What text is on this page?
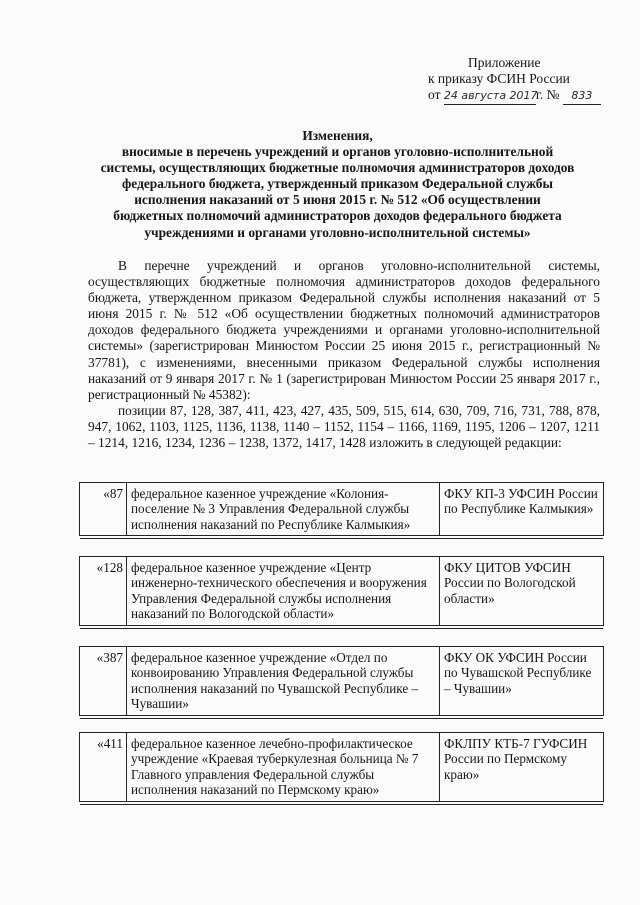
Приложение
к приказу ФСИН России
от 24 августа 2017г. № 833
Изменения,
вносимые в перечень учреждений и органов уголовно-исполнительной
системы, осуществляющих бюджетные полномочия администраторов доходов
федерального бюджета, утвержденный приказом Федеральной службы
исполнения наказаний от 5 июня 2015 г. № 512 «Об осуществлении
бюджетных полномочий администраторов доходов федерального бюджета
учреждениями и органами уголовно-исполнительной системы»

В перечне учреждений и органов уголовно-исполнительной системы, осуществляющих бюджетные полномочия администраторов доходов федерального бюджета, утвержденном приказом Федеральной службы исполнения наказаний от 5 июня 2015 г. № 512 «Об осуществлении бюджетных полномочий администраторов доходов федерального бюджета учреждениями и органами уголовно-исполнительной системы» (зарегистрирован Минюстом России 25 июня 2015 г., регистрационный № 37781), с изменениями, внесенными приказом Федеральной службы исполнения наказаний от 9 января 2017 г. № 1 (зарегистрирован Минюстом России 25 января 2017 г., регистрационный № 45382):

позиции 87, 128, 387, 411, 423, 427, 435, 509, 515, 614, 630, 709, 716, 731, 788, 878, 947, 1062, 1103, 1125, 1136, 1138, 1140 – 1152, 1154 – 1166, 1169, 1195, 1206 – 1207, 1211 – 1214, 1216, 1234, 1236 – 1238, 1372, 1417, 1428 изложить в следующей редакции:

«87 федеральное казенное учреждение «Колония-поселение № 3 Управления Федеральной службы исполнения наказаний по Республике Калмыкия»
ФКУ КП-3 УФСИН России по Республике Калмыкия»
«128 федеральное казенное учреждение «Центр инженерно-технического обеспечения и вооружения Управления Федеральной службы исполнения наказаний по Вологодской области»
ФКУ ЦИТОВ УФСИН России по Вологодской области»
«387 федеральное казенное учреждение «Отдел по конвоированию Управления Федеральной службы исполнения наказаний по Чувашской Республике – Чувашии»
ФКУ ОК УФСИН России по Чувашской Республике – Чувашии»
«411 федеральное казенное лечебно-профилактическое учреждение «Краевая туберкулезная больница № 7 Главного управления Федеральной службы исполнения наказаний по Пермскому краю»
ФКЛПУ КТБ-7 ГУФСИН России по Пермскому краю»
